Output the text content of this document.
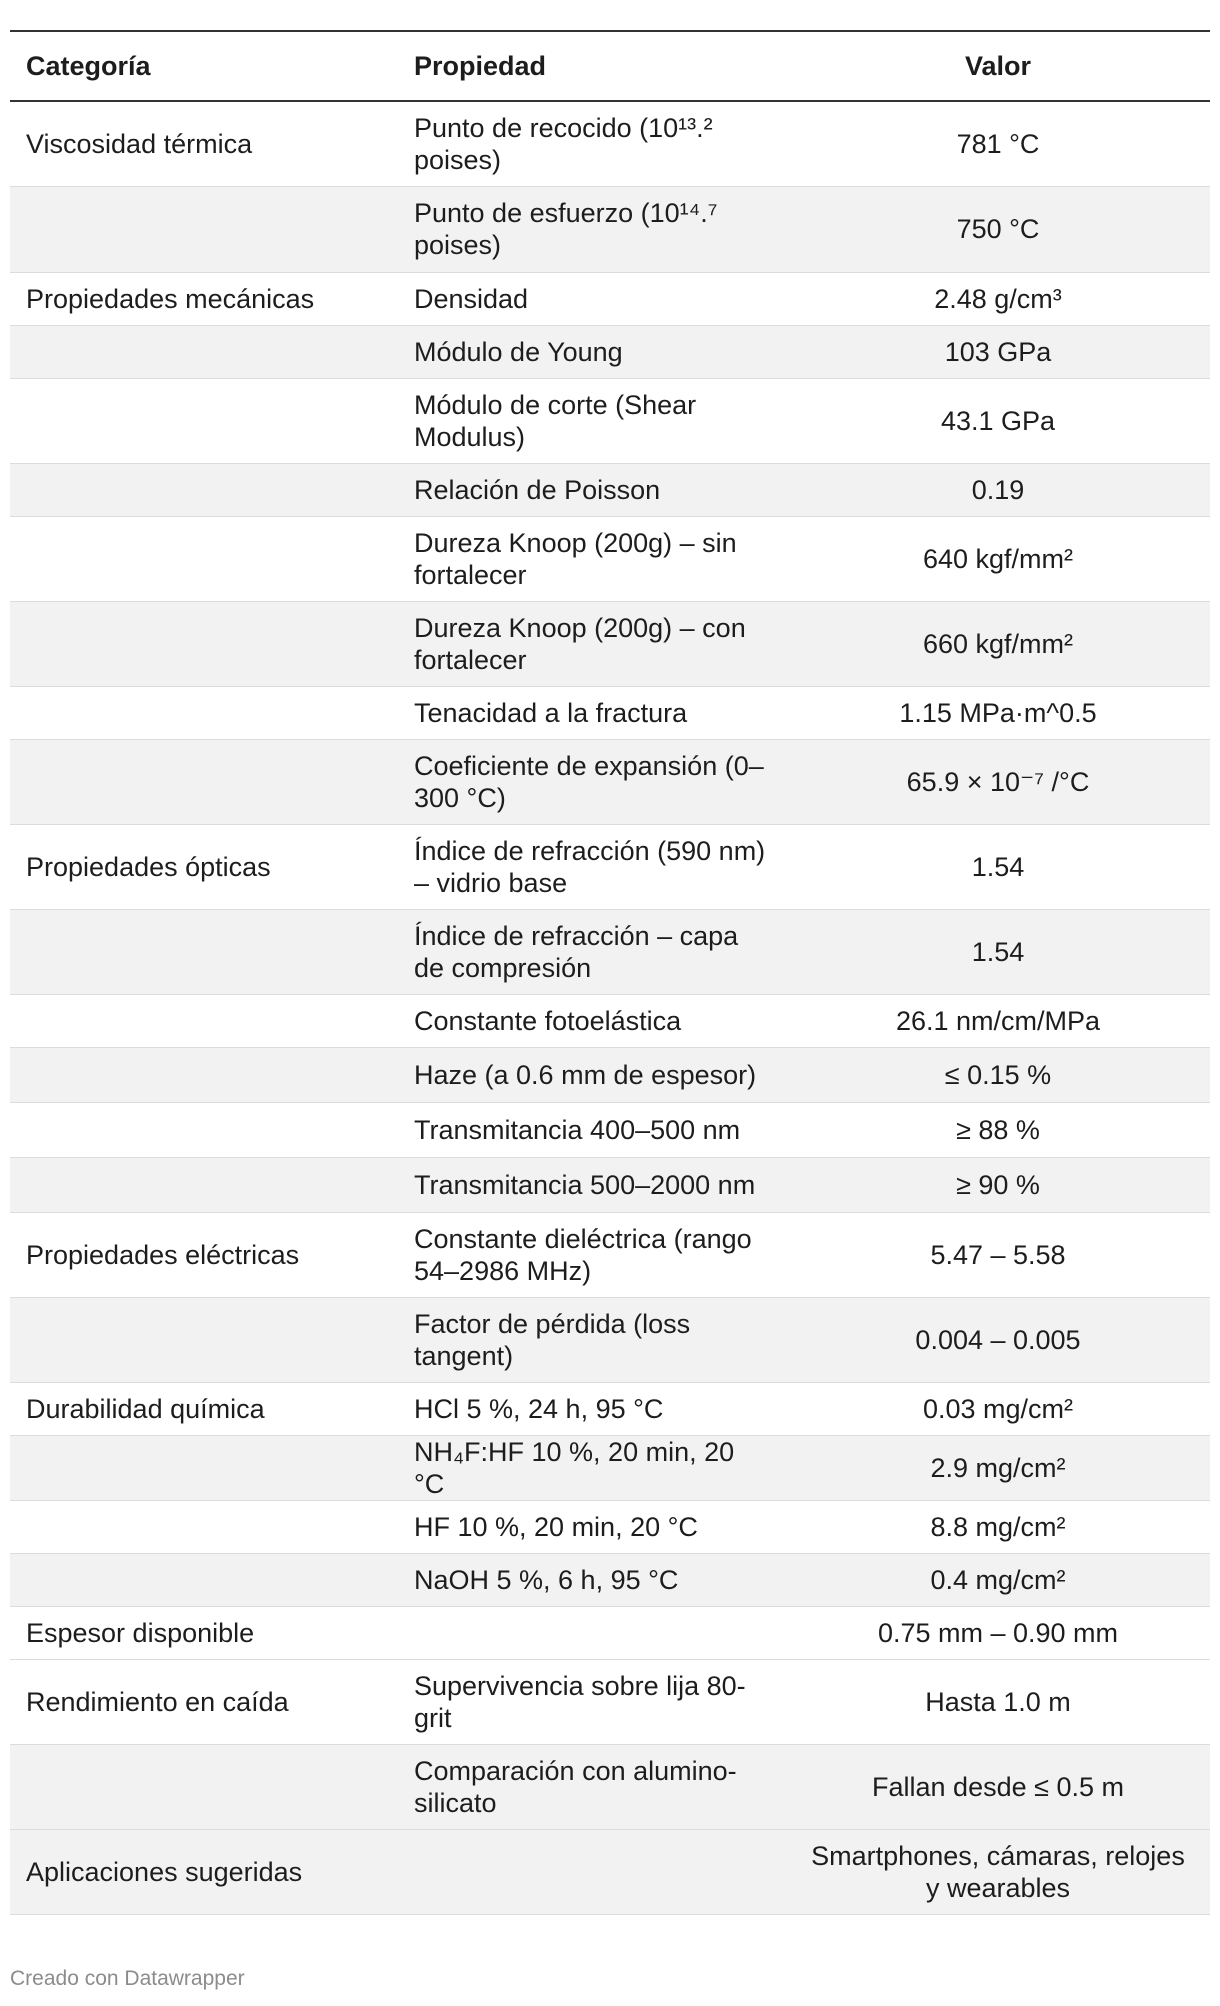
Categoría	Propiedad	Valor
Viscosidad térmica	Punto de recocido (10¹³.² poises)	781 °C
	Punto de esfuerzo (10¹⁴.⁷ poises)	750 °C
Propiedades mecánicas	Densidad	2.48 g/cm³
	Módulo de Young	103 GPa
	Módulo de corte (Shear Modulus)	43.1 GPa
	Relación de Poisson	0.19
	Dureza Knoop (200g) – sin fortalecer	640 kgf/mm²
	Dureza Knoop (200g) – con fortalecer	660 kgf/mm²
	Tenacidad a la fractura	1.15 MPa·m^0.5
	Coeficiente de expansión (0–300 °C)	65.9 × 10⁻⁷ /°C
Propiedades ópticas	Índice de refracción (590 nm) – vidrio base	1.54
	Índice de refracción – capa de compresión	1.54
	Constante fotoelástica	26.1 nm/cm/MPa
	Haze (a 0.6 mm de espesor)	≤ 0.15 %
	Transmitancia 400–500 nm	≥ 88 %
	Transmitancia 500–2000 nm	≥ 90 %
Propiedades eléctricas	Constante dieléctrica (rango 54–2986 MHz)	5.47 – 5.58
	Factor de pérdida (loss tangent)	0.004 – 0.005
Durabilidad química	HCl 5 %, 24 h, 95 °C	0.03 mg/cm²
	NH₄F:HF 10 %, 20 min, 20 °C	2.9 mg/cm²
	HF 10 %, 20 min, 20 °C	8.8 mg/cm²
	NaOH 5 %, 6 h, 95 °C	0.4 mg/cm²
Espesor disponible		0.75 mm – 0.90 mm
Rendimiento en caída	Supervivencia sobre lija 80-grit	Hasta 1.0 m
	Comparación con alumino-silicato	Fallan desde ≤ 0.5 m
Aplicaciones sugeridas		Smartphones, cámaras, relojes y wearables
Creado con Datawrapper
